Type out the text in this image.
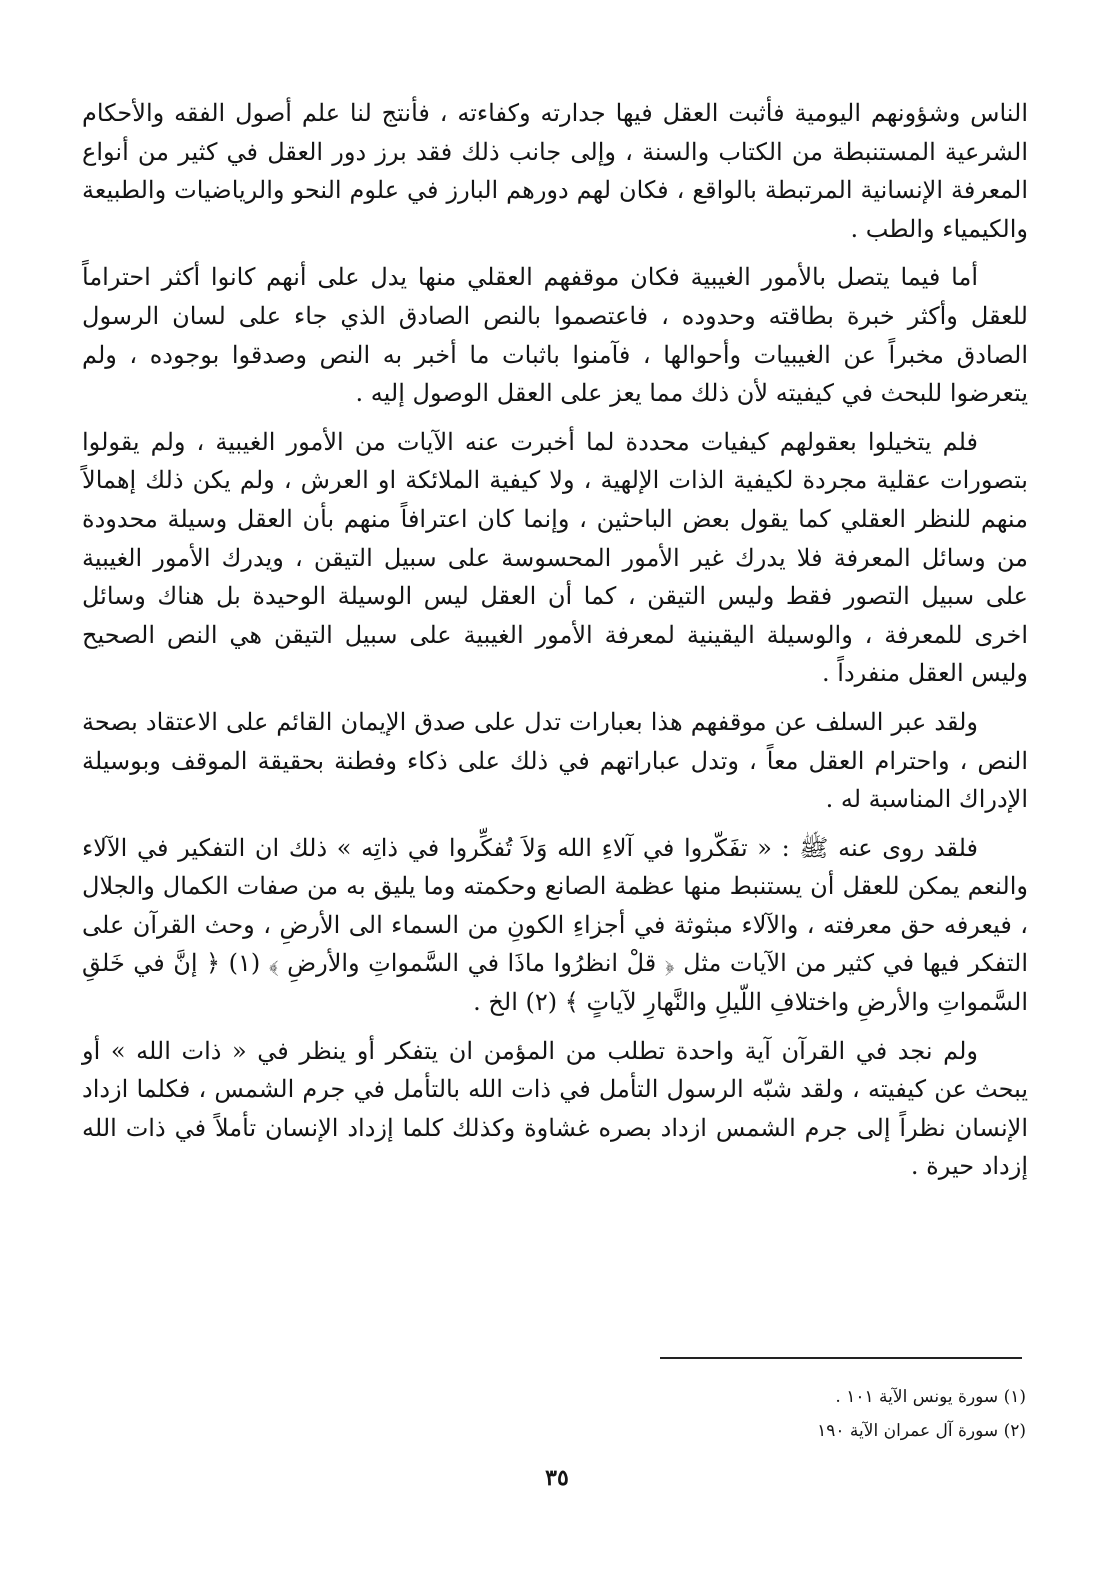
الناس وشؤونهم اليومية فأثبت العقل فيها جدارته وكفاءته ، فأنتج لنا علم أصول الفقه والأحكام الشرعية المستنبطة من الكتاب والسنة ، وإلى جانب ذلك فقد برز دور العقل في كثير من أنواع المعرفة الإنسانية المرتبطة بالواقع ، فكان لهم دورهم البارز في علوم النحو والرياضيات والطبيعة والكيمياء والطب .

أما فيما يتصل بالأمور الغيبية فكان موقفهم العقلي منها يدل على أنهم كانوا أكثر احتراماً للعقل وأكثر خبرة بطاقته وحدوده ، فاعتصموا بالنص الصادق الذي جاء على لسان الرسول الصادق مخبراً عن الغيبيات وأحوالها ، فآمنوا باثبات ما أخبر به النص وصدقوا بوجوده ، ولم يتعرضوا للبحث في كيفيته لأن ذلك مما يعز على العقل الوصول إليه .

فلم يتخيلوا بعقولهم كيفيات محددة لما أخبرت عنه الآيات من الأمور الغيبية ، ولم يقولوا بتصورات عقلية مجردة لكيفية الذات الإلهية ، ولا كيفية الملائكة او العرش ، ولم يكن ذلك إهمالاً منهم للنظر العقلي كما يقول بعض الباحثين ، وإنما كان اعترافاً منهم بأن العقل وسيلة محدودة من وسائل المعرفة فلا يدرك غير الأمور المحسوسة على سبيل التيقن ، ويدرك الأمور الغيبية على سبيل التصور فقط وليس التيقن ، كما أن العقل ليس الوسيلة الوحيدة بل هناك وسائل اخرى للمعرفة ، والوسيلة اليقينية لمعرفة الأمور الغيبية على سبيل التيقن هي النص الصحيح وليس العقل منفرداً .

ولقد عبر السلف عن موقفهم هذا بعبارات تدل على صدق الإيمان القائم على الاعتقاد بصحة النص ، واحترام العقل معاً ، وتدل عباراتهم في ذلك على ذكاء وفطنة بحقيقة الموقف وبوسيلة الإدراك المناسبة له .

فلقد روى عنه ﷺ : « تفَكّروا في آلاءِ الله وَلاَ تُفكِّروا في ذاتِه » ذلك ان التفكير في الآلاء والنعم يمكن للعقل أن يستنبط منها عظمة الصانع وحكمته وما يليق به من صفات الكمال والجلال ، فيعرفه حق معرفته ، والآلاء مبثوثة في أجزاءِ الكونِ من السماء الى الأرضِ ، وحث القرآن على التفكر فيها في كثير من الآيات مثل ﴿ قلْ انظرُوا ماذَا في السَّمواتِ والأرضِ ﴾ (١) ﴿ إنَّ في خَلقِ السَّمواتِ والأرضِ واختلافِ اللّيلِ والنَّهارِ لآياتٍ ﴾ (٢) الخ .

ولم نجد في القرآن آية واحدة تطلب من المؤمن ان يتفكر أو ينظر في « ذات الله » أو يبحث عن كيفيته ، ولقد شبّه الرسول التأمل في ذات الله بالتأمل في جرم الشمس ، فكلما ازداد الإنسان نظراً إلى جرم الشمس ازداد بصره غشاوة وكذلك كلما إزداد الإنسان تأملاً في ذات الله إزداد حيرة .

(١) سورة يونس الآية ١٠١ .

(٢) سورة آل عمران الآية ١٩٠

٣٥
